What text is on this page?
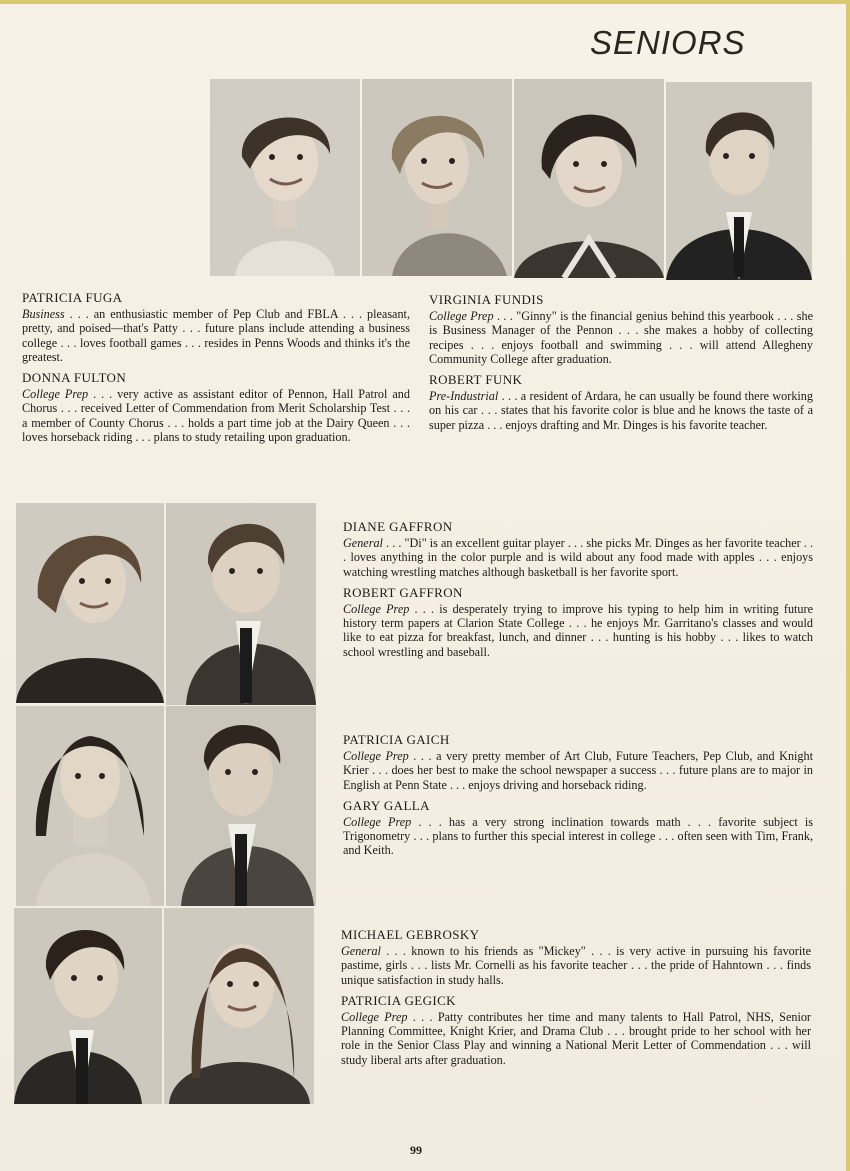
SENIORS
PATRICIA FUGA

Business . . . an enthusiastic member of Pep Club and FBLA . . . pleasant, pretty, and poised—that's Patty . . . future plans include attending a business college . . . loves football games . . . resides in Penns Woods and thinks it's the greatest.

DONNA FULTON

College Prep . . . very active as assistant editor of Pennon, Hall Patrol and Chorus . . . received Letter of Commendation from Merit Scholarship Test . . . a member of County Chorus . . . holds a part time job at the Dairy Queen . . . loves horseback riding . . . plans to study retailing upon graduation.

VIRGINIA FUNDIS

College Prep . . . "Ginny" is the financial genius behind this yearbook . . . she is Business Manager of the Pennon . . . she makes a hobby of collecting recipes . . . enjoys football and swimming . . . will attend Allegheny Community College after graduation.

ROBERT FUNK

Pre-Industrial . . . a resident of Ardara, he can usually be found there working on his car . . . states that his favorite color is blue and he knows the taste of a super pizza . . . enjoys drafting and Mr. Dinges is his favorite teacher.

DIANE GAFFRON

General . . . "Di" is an excellent guitar player . . . she picks Mr. Dinges as her favorite teacher . . . loves anything in the color purple and is wild about any food made with apples . . . enjoys watching wrestling matches although basketball is her favorite sport.

ROBERT GAFFRON

College Prep . . . is desperately trying to improve his typing to help him in writing future history term papers at Clarion State College . . . he enjoys Mr. Garritano's classes and would like to eat pizza for breakfast, lunch, and dinner . . . hunting is his hobby . . . likes to watch school wrestling and baseball.

PATRICIA GAICH

College Prep . . . a very pretty member of Art Club, Future Teachers, Pep Club, and Knight Krier . . . does her best to make the school newspaper a success . . . future plans are to major in English at Penn State . . . enjoys driving and horseback riding.

GARY GALLA

College Prep . . . has a very strong inclination towards math . . . favorite subject is Trigonometry . . . plans to further this special interest in college . . . often seen with Tim, Frank, and Keith.

MICHAEL GEBROSKY

General . . . known to his friends as "Mickey" . . . is very active in pursuing his favorite pastime, girls . . . lists Mr. Cornelli as his favorite teacher . . . the pride of Hahntown . . . finds unique satisfaction in study halls.

PATRICIA GEGICK

College Prep . . . Patty contributes her time and many talents to Hall Patrol, NHS, Senior Planning Committee, Knight Krier, and Drama Club . . . brought pride to her school with her role in the Senior Class Play and winning a National Merit Letter of Commendation . . . will study liberal arts after graduation.

99
